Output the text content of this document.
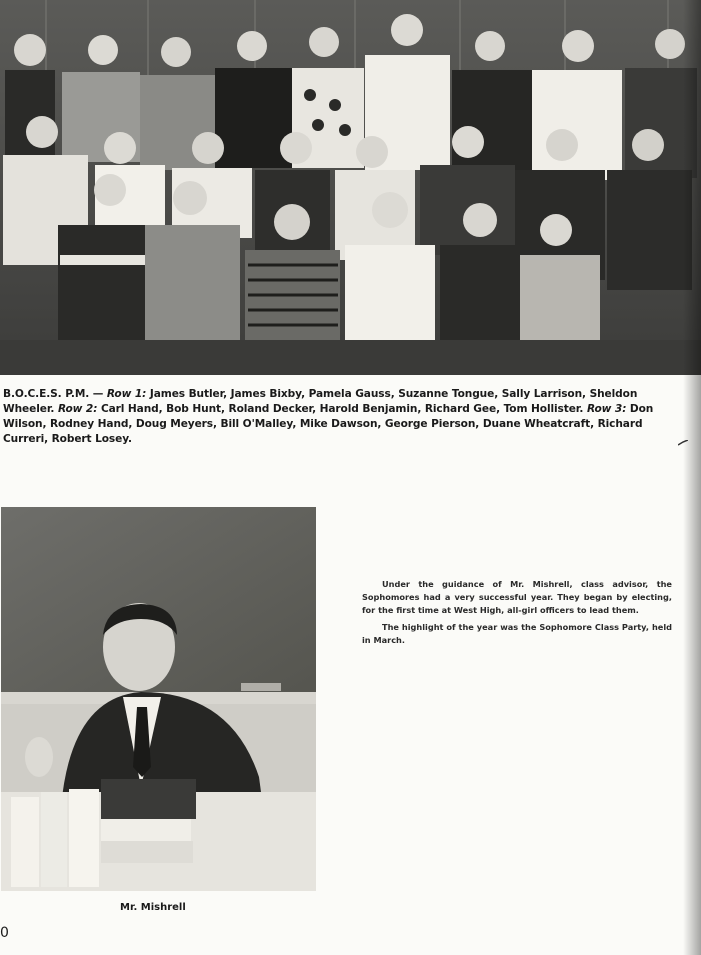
B.O.C.E.S. P.M. — Row 1: James Butler, James Bixby, Pamela Gauss, Suzanne Tongue, Sally Larrison, Sheldon Wheeler. Row 2: Carl Hand, Bob Hunt, Roland Decker, Harold Benjamin, Richard Gee, Tom Hollister. Row 3: Don Wilson, Rodney Hand, Doug Meyers, Bill O'Malley, Mike Dawson, George Pierson, Duane Wheatcraft, Richard Curreri, Robert Losey.

Under the guidance of Mr. Mishrell, class advisor, the Sophomores had a very successful year. They began by electing, for the first time at West High, all-girl officers to lead them.

The highlight of the year was the Sophomore Class Party, held in March.

Mr. Mishrell
0
